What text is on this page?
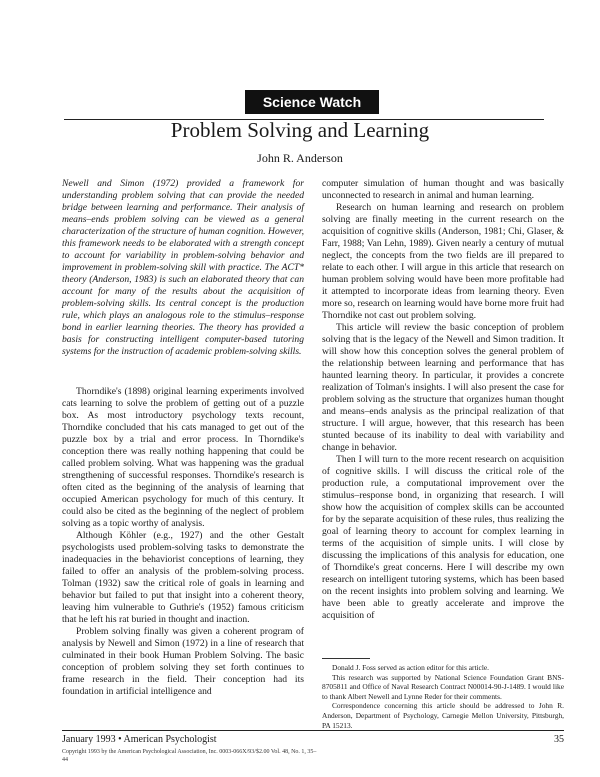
Science Watch
Problem Solving and Learning
John R. Anderson

Newell and Simon (1972) provided a framework for understanding problem solving that can provide the needed bridge between learning and performance. Their analysis of means–ends problem solving can be viewed as a general characterization of the structure of human cognition. However, this framework needs to be elaborated with a strength concept to account for variability in problem-solving behavior and improvement in problem-solving skill with practice. The ACT* theory (Anderson, 1983) is such an elaborated theory that can account for many of the results about the acquisition of problem-solving skills. Its central concept is the production rule, which plays an analogous role to the stimulus–response bond in earlier learning theories. The theory has provided a basis for constructing intelligent computer-based tutoring systems for the instruction of academic problem-solving skills.

Thorndike's (1898) original learning experiments involved cats learning to solve the problem of getting out of a puzzle box. As most introductory psychology texts recount, Thorndike concluded that his cats managed to get out of the puzzle box by a trial and error process. In Thorndike's conception there was really nothing happening that could be called problem solving. What was happening was the gradual strengthening of successful responses. Thorndike's research is often cited as the beginning of the analysis of learning that occupied American psychology for much of this century. It could also be cited as the beginning of the neglect of problem solving as a topic worthy of analysis.

Although Köhler (e.g., 1927) and the other Gestalt psychologists used problem-solving tasks to demonstrate the inadequacies in the behaviorist conceptions of learning, they failed to offer an analysis of the problem-solving process. Tolman (1932) saw the critical role of goals in learning and behavior but failed to put that insight into a coherent theory, leaving him vulnerable to Guthrie's (1952) famous criticism that he left his rat buried in thought and inaction.

Problem solving finally was given a coherent program of analysis by Newell and Simon (1972) in a line of research that culminated in their book Human Problem Solving. The basic conception of problem solving they set forth continues to frame research in the field. Their conception had its foundation in artificial intelligence and

computer simulation of human thought and was basically unconnected to research in animal and human learning.

Research on human learning and research on problem solving are finally meeting in the current research on the acquisition of cognitive skills (Anderson, 1981; Chi, Glaser, & Farr, 1988; Van Lehn, 1989). Given nearly a century of mutual neglect, the concepts from the two fields are ill prepared to relate to each other. I will argue in this article that research on human problem solving would have been more profitable had it attempted to incorporate ideas from learning theory. Even more so, research on learning would have borne more fruit had Thorndike not cast out problem solving.

This article will review the basic conception of problem solving that is the legacy of the Newell and Simon tradition. It will show how this conception solves the general problem of the relationship between learning and performance that has haunted learning theory. In particular, it provides a concrete realization of Tolman's insights. I will also present the case for problem solving as the structure that organizes human thought and means–ends analysis as the principal realization of that structure. I will argue, however, that this research has been stunted because of its inability to deal with variability and change in behavior.

Then I will turn to the more recent research on acquisition of cognitive skills. I will discuss the critical role of the production rule, a computational improvement over the stimulus–response bond, in organizing that research. I will show how the acquisition of complex skills can be accounted for by the separate acquisition of these rules, thus realizing the goal of learning theory to account for complex learning in terms of the acquisition of simple units. I will close by discussing the implications of this analysis for education, one of Thorndike's great concerns. Here I will describe my own research on intelligent tutoring systems, which has been based on the recent insights into problem solving and learning. We have been able to greatly accelerate and improve the acquisition of

Donald J. Foss served as action editor for this article.

This research was supported by National Science Foundation Grant BNS-8705811 and Office of Naval Research Contract N00014-90-J-1489. I would like to thank Albert Newell and Lynne Reder for their comments.

Correspondence concerning this article should be addressed to John R. Anderson, Department of Psychology, Carnegie Mellon University, Pittsburgh, PA 15213.

January 1993 • American Psychologist	35
Copyright 1993 by the American Psychological Association, Inc. 0003-066X/93/$2.00 Vol. 48, No. 1, 35–44
